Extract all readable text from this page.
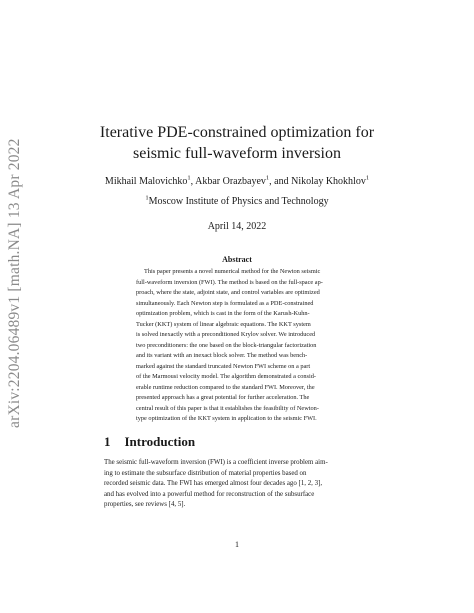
arXiv:2204.06489v1 [math.NA] 13 Apr 2022
Iterative PDE-constrained optimization for
seismic full-waveform inversion
Mikhail Malovichko$^1$, Akbar Orazbayev$^1$, and Nikolay Khokhlov$^1$
$^1$Moscow Institute of Physics and Technology
April 14, 2022
Abstract
This paper presents a novel numerical method for the Newton seismic
full-waveform inversion (FWI). The method is based on the full-space ap-
proach, where the state, adjoint state, and control variables are optimized
simultaneously. Each Newton step is formulated as a PDE-constrained
optimization problem, which is cast in the form of the Karush-Kuhn-
Tucker (KKT) system of linear algebraic equations. The KKT system
is solved inexactly with a preconditioned Krylov solver. We introduced
two preconditioners: the one based on the block-triangular factorization
and its variant with an inexact block solver. The method was bench-
marked against the standard truncated Newton FWI scheme on a part
of the Marmousi velocity model. The algorithm demonstrated a consid-
erable runtime reduction compared to the standard FWI. Moreover, the
presented approach has a great potential for further acceleration. The
central result of this paper is that it establishes the feasibility of Newton-
type optimization of the KKT system in application to the seismic FWI.
1 Introduction
The seismic full-waveform inversion (FWI) is a coefficient inverse problem aim-
ing to estimate the subsurface distribution of material properties based on
recorded seismic data. The FWI has emerged almost four decades ago [1, 2, 3],
and has evolved into a powerful method for reconstruction of the subsurface
properties, see reviews [4, 5].
1
